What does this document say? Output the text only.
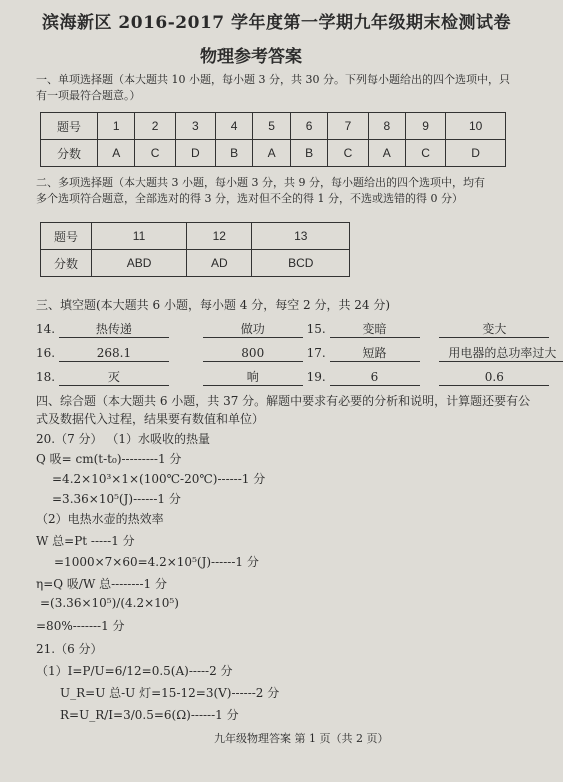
滨海新区 2016-2017 学年度第一学期九年级期末检测试卷
物理参考答案
一、单项选择题（本大题共 10 小题，每小题 3 分，共 30 分。下列每小题给出的四个选项中，只
有一项最符合题意。）
题号	1	2	3	4	5	6	7	8	9	10
分数	A	C	D	B	A	B	C	A	C	D
二、多项选择题（本大题共 3 小题，每小题 3 分，共 9 分，每小题给出的四个选项中，均有
多个选项符合题意，全部选对的得 3 分，选对但不全的得 1 分，不选或选错的得 0 分）
题号	11	12	13
分数	ABD	AD	BCD
三、填空题(本大题共 6 小题，每小题 4 分，每空 2 分，共 24 分)
14.	热传递	做功	15.	变暗	变大
16.	268.1	800	17.	短路	用电器的总功率过大
18.	灭	响	19.	6	0.6
四、综合题（本大题共 6 小题，共 37 分。解题中要求有必要的分析和说明，计算题还要有公
式及数据代入过程，结果要有数值和单位）
20.（7 分） （1）水吸收的热量
Q 吸= cm(t-t₀)---------1 分
=4.2×10³×1×(100℃-20℃)------1 分
=3.36×10⁵(J)------1 分
（2）电热水壶的热效率
W 总=Pt -----1 分
=1000×7×60=4.2×10⁵(J)------1 分
η=Q 吸/W 总--------1 分
=(3.36×10⁵)/(4.2×10⁵)
=80%-------1 分
21.（6 分）
（1）I=P/U=6/12=0.5(A)-----2 分
U_R=U 总-U 灯=15-12=3(V)------2 分
R=U_R/I=3/0.5=6(Ω)------1 分
九年级物理答案 第 1 页（共 2 页）
